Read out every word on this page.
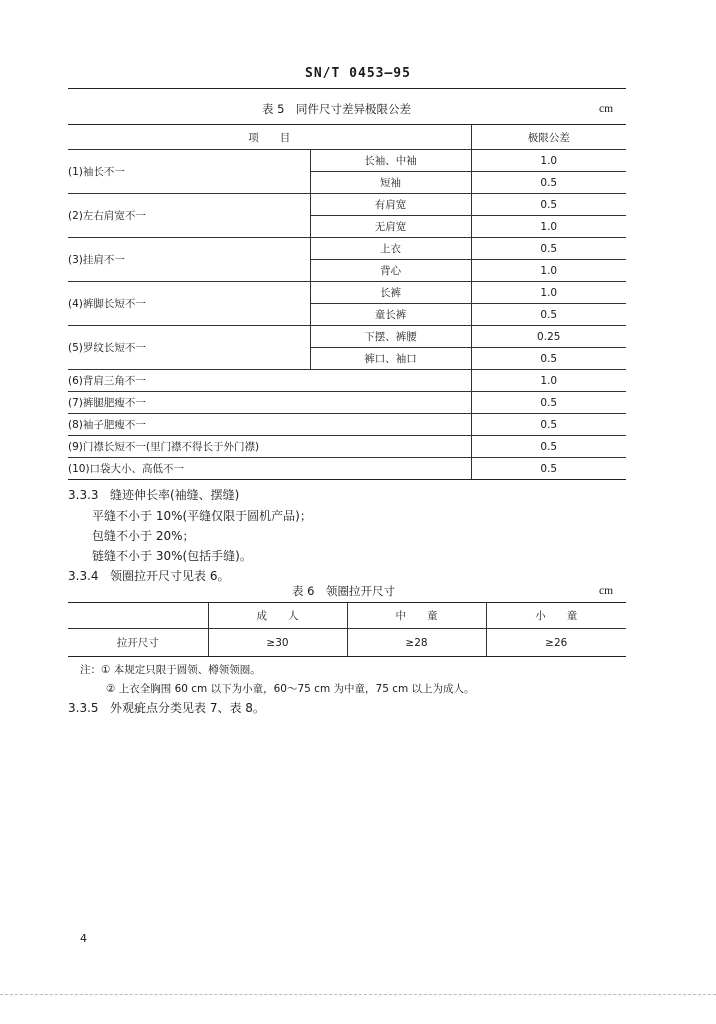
SN/T 0453—95
表 5　同件尺寸差异极限公差	cm
项　　目		极限公差
(1)袖长不一	长袖、中袖	1.0
	短袖	0.5
(2)左右肩宽不一	有肩宽	0.5
	无肩宽	1.0
(3)挂肩不一	上衣	0.5
	背心	1.0
(4)裤脚长短不一	长裤	1.0
	童长裤	0.5
(5)罗纹长短不一	下摆、裤腰	0.25
	裤口、袖口	0.5
(6)背肩三角不一		1.0
(7)裤腿肥瘦不一		0.5
(8)袖子肥瘦不一		0.5
(9)门襟长短不一(里门襟不得长于外门襟)		0.5
(10)口袋大小、高低不一		0.5
3.3.3 缝迹伸长率(袖缝、摆缝)
平缝不小于 10%(平缝仅限于圆机产品)；
包缝不小于 20%；
链缝不小于 30%(包括手缝)。
3.3.4 领圈拉开尺寸见表 6。
表 6　领圈拉开尺寸	cm
	成　　人	中　　童	小　　童
拉开尺寸	≥30	≥28	≥26
注：① 本规定只限于圆领、樽领领圈。
② 上衣全胸围 60 cm 以下为小童，60～75 cm 为中童，75 cm 以上为成人。
3.3.5 外观疵点分类见表 7、表 8。
4
